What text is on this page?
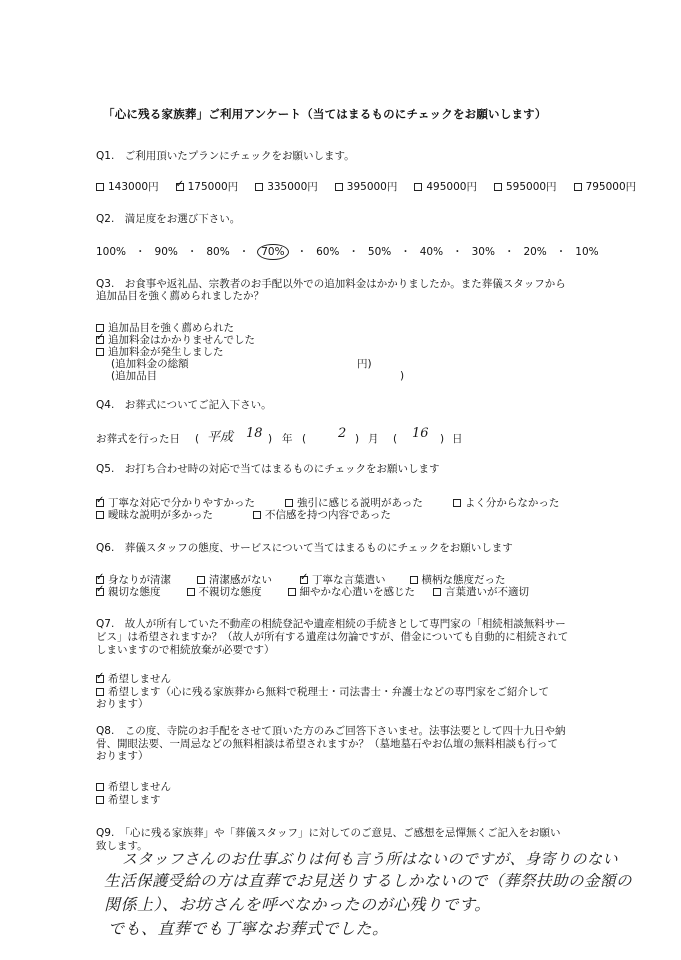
「心に残る家族葬」ご利用アンケート（当てはまるものにチェックをお願いします）
Q1.　ご利用頂いたプランにチェックをお願いします。
143000円 ✓ 175000円	335000円	395000円	495000円	595000円	795000円
Q2.　満足度をお選び下さい。
100% ・ 90% ・ 80% ・	70%	・ 60% ・ 50% ・ 40% ・ 30% ・ 20% ・ 10%
Q3.　お食事や返礼品、宗教者のお手配以外での追加料金はかかりましたか。また葬儀スタッフから
追加品目を強く薦められましたか？
追加品目を強く薦められた
✓ 追加料金はかかりませんでした
追加料金が発生しました
(追加料金の総額	円)
(追加品目	)
Q4.　お葬式についてご記入下さい。
お葬式を行った日 ( 平成 18 ) 年 ( 2 ) 月 ( 16 ) 日
Q5.　お打ち合わせ時の対応で当てはまるものにチェックをお願いします
✓ 丁寧な対応で分かりやすかった	強引に感じる説明があった	よく分からなかった
曖昧な説明が多かった	不信感を持つ内容であった
Q6.　葬儀スタッフの態度、サービスについて当てはまるものにチェックをお願いします
✓ 身なりが清潔	清潔感がない	✓ 丁寧な言葉遣い	横柄な態度だった
✓ 親切な態度	不親切な態度	細やかな心遣いを感じた	言葉遣いが不適切
Q7.　故人が所有していた不動産の相続登記や遺産相続の手続きとして専門家の「相続相談無料サー
ビス」は希望されますか？（故人が所有する遺産は勿論ですが、借金についても自動的に相続されて
しまいますので相続放棄が必要です）
✓ 希望しません
希望します（心に残る家族葬から無料で税理士・司法書士・弁護士などの専門家をご紹介して
おります）
Q8.　この度、寺院のお手配をさせて頂いた方のみご回答下さいませ。法事法要として四十九日や納
骨、開眼法要、一周忌などの無料相談は希望されますか？（墓地墓石やお仏壇の無料相談も行って
おります）
希望しません
希望します
Q9.　「心に残る家族葬」や「葬儀スタッフ」に対してのご意見、ご感想を忌憚無くご記入をお願い
致します。
スタッフさんのお仕事ぶりは何も言う所はないのですが、身寄りのない
生活保護受給の方は直葬でお見送りするしかないので（葬祭扶助の金額の
関係上）、お坊さんを呼べなかったのが心残りです。
でも、直葬でも丁寧なお葬式でした。
